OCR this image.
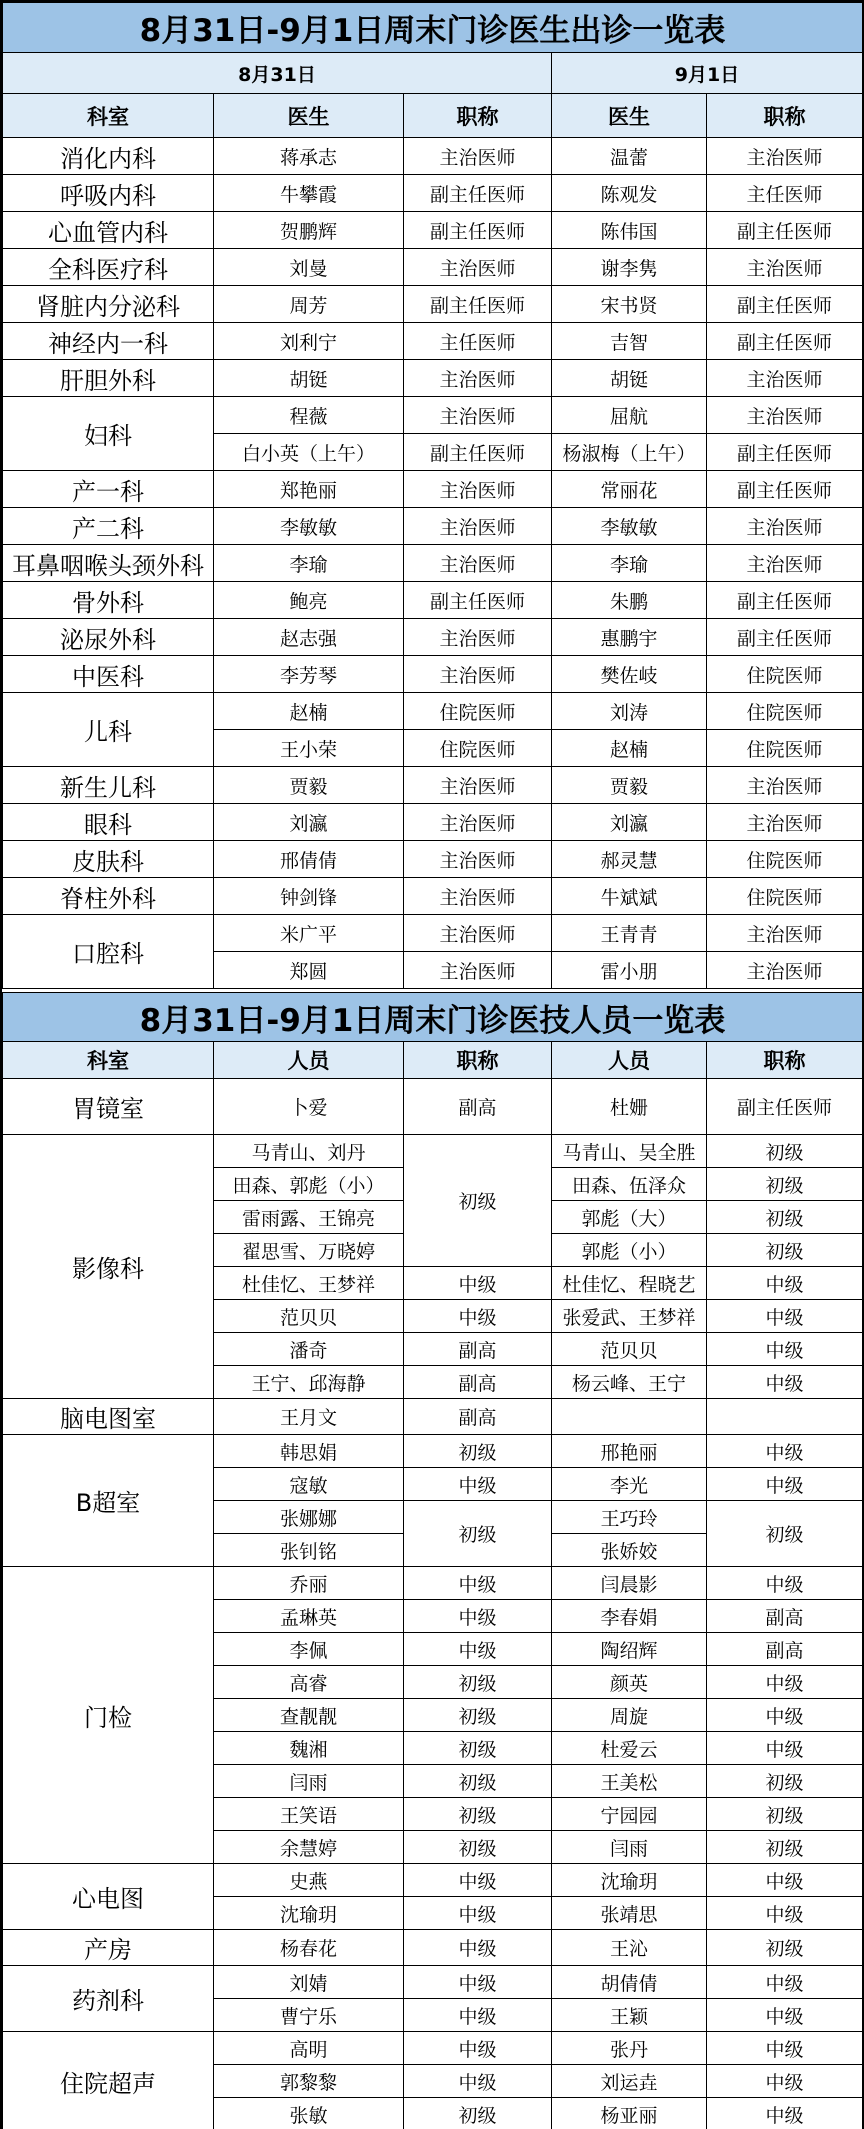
8月31日-9月1日周末门诊医生出诊一览表				
8月31日			9月1日	
科室	医生	职称	医生	职称
消化内科	蒋承志	主治医师	温蕾	主治医师
呼吸内科	牛攀霞	副主任医师	陈观发	主任医师
心血管内科	贺鹏辉	副主任医师	陈伟国	副主任医师
全科医疗科	刘曼	主治医师	谢李隽	主治医师
肾脏内分泌科	周芳	副主任医师	宋书贤	副主任医师
神经内一科	刘利宁	主任医师	吉智	副主任医师
肝胆外科	胡铤	主治医师	胡铤	主治医师
妇科	程薇	主治医师	屈航	主治医师
	白小英（上午）	副主任医师	杨淑梅（上午）	副主任医师
产一科	郑艳丽	主治医师	常丽花	副主任医师
产二科	李敏敏	主治医师	李敏敏	主治医师
耳鼻咽喉头颈外科	李瑜	主治医师	李瑜	主治医师
骨外科	鲍亮	副主任医师	朱鹏	副主任医师
泌尿外科	赵志强	主治医师	惠鹏宇	副主任医师
中医科	李芳琴	主治医师	樊佐岐	住院医师
儿科	赵楠	住院医师	刘涛	住院医师
	王小荣	住院医师	赵楠	住院医师
新生儿科	贾毅	主治医师	贾毅	主治医师
眼科	刘瀛	主治医师	刘瀛	主治医师
皮肤科	邢倩倩	主治医师	郝灵慧	住院医师
脊柱外科	钟剑锋	主治医师	牛斌斌	住院医师
口腔科	米广平	主治医师	王青青	主治医师
	郑圆	主治医师	雷小朋	主治医师
8月31日-9月1日周末门诊医技人员一览表				
科室	人员	职称	人员	职称
胃镜室	卜爱	副高	杜姗	副主任医师
影像科	马青山、刘丹	初级	马青山、吴全胜	初级
	田森、郭彪（小）		田森、伍泽众	初级
	雷雨露、王锦亮		郭彪（大）	初级
	翟思雪、万晓婷		郭彪（小）	初级
	杜佳忆、王梦祥	中级	杜佳忆、程晓艺	中级
	范贝贝	中级	张爱武、王梦祥	中级
	潘奇	副高	范贝贝	中级
	王宁、邱海静	副高	杨云峰、王宁	中级
脑电图室	王月文	副高		
B超室	韩思娟	初级	邢艳丽	中级
	寇敏	中级	李光	中级
	张娜娜	初级	王巧玲	初级
	张钊铭		张娇姣	
门检	乔丽	中级	闫晨影	中级
	孟琳英	中级	李春娟	副高
	李佩	中级	陶绍辉	副高
	高睿	初级	颜英	中级
	查靓靓	初级	周旋	中级
	魏湘	初级	杜爱云	中级
	闫雨	初级	王美松	初级
	王笑语	初级	宁园园	初级
	余慧婷	初级	闫雨	初级
心电图	史燕	中级	沈瑜玥	中级
	沈瑜玥	中级	张靖思	中级
产房	杨春花	中级	王沁	初级
药剂科	刘婧	中级	胡倩倩	中级
	曹宁乐	中级	王颖	中级
住院超声	高明	中级	张丹	中级
	郭黎黎	中级	刘运垚	中级
	张敏	初级	杨亚丽	中级
